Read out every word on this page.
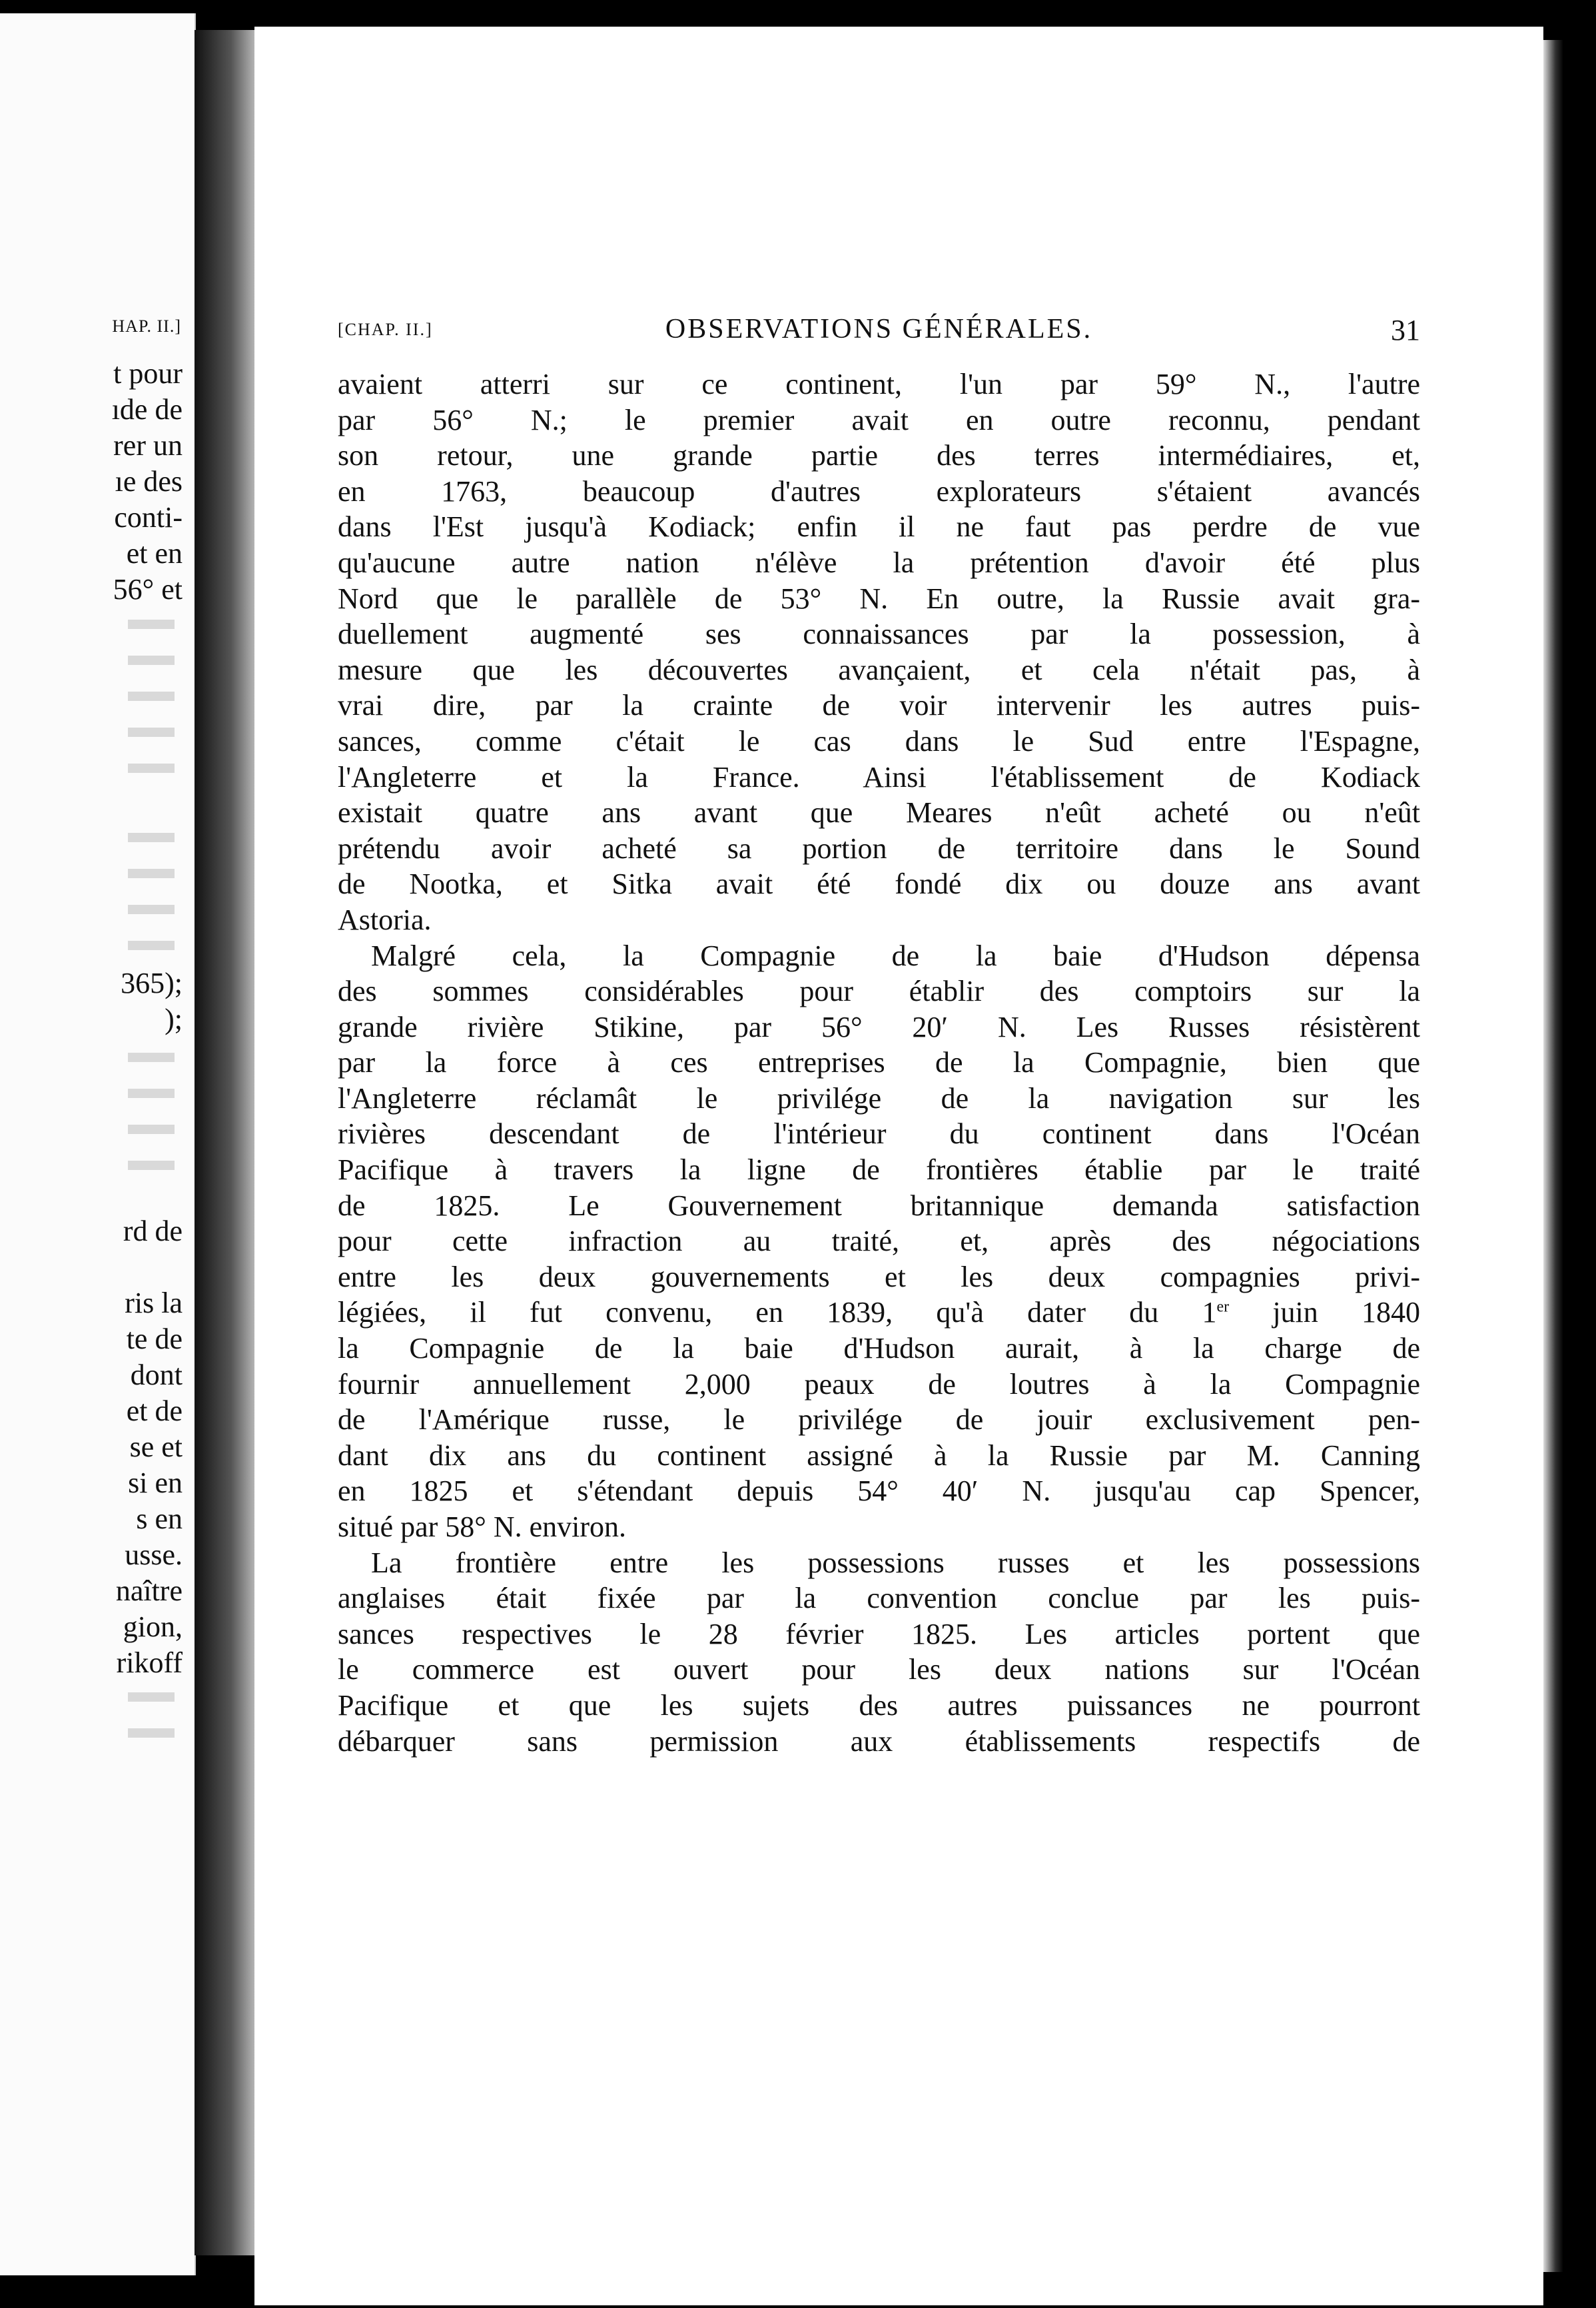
HAP. II.]
t pour
ıde de
rer un
ıe des
conti-
et en
56° et
365);
);
rd de
ris la
te de
dont
et de
se et
si en
s en
usse.
naître
gion,
rikoff
[CHAP. II.]	OBSERVATIONS GÉNÉRALES.	31
avaient atterri sur ce continent, l'un par 59° N., l'autre
par 56° N.; le premier avait en outre reconnu, pendant
son retour, une grande partie des terres intermédiaires, et,
en 1763, beaucoup d'autres explorateurs s'étaient avancés
dans l'Est jusqu'à Kodiack; enfin il ne faut pas perdre de vue
qu'aucune autre nation n'élève la prétention d'avoir été plus
Nord que le parallèle de 53° N. En outre, la Russie avait gra-
duellement augmenté ses connaissances par la possession, à
mesure que les découvertes avançaient, et cela n'était pas, à
vrai dire, par la crainte de voir intervenir les autres puis-
sances, comme c'était le cas dans le Sud entre l'Espagne,
l'Angleterre et la France. Ainsi l'établissement de Kodiack
existait quatre ans avant que Meares n'eût acheté ou n'eût
prétendu avoir acheté sa portion de territoire dans le Sound
de Nootka, et Sitka avait été fondé dix ou douze ans avant
Astoria.
Malgré cela, la Compagnie de la baie d'Hudson dépensa
des sommes considérables pour établir des comptoirs sur la
grande rivière Stikine, par 56° 20′ N. Les Russes résistèrent
par la force à ces entreprises de la Compagnie, bien que
l'Angleterre réclamât le privilége de la navigation sur les
rivières descendant de l'intérieur du continent dans l'Océan
Pacifique à travers la ligne de frontières établie par le traité
de 1825. Le Gouvernement britannique demanda satisfaction
pour cette infraction au traité, et, après des négociations
entre les deux gouvernements et les deux compagnies privi-
légiées, il fut convenu, en 1839, qu'à dater du 1er juin 1840
la Compagnie de la baie d'Hudson aurait, à la charge de
fournir annuellement 2,000 peaux de loutres à la Compagnie
de l'Amérique russe, le privilége de jouir exclusivement pen-
dant dix ans du continent assigné à la Russie par M. Canning
en 1825 et s'étendant depuis 54° 40′ N. jusqu'au cap Spencer,
situé par 58° N. environ.
La frontière entre les possessions russes et les possessions
anglaises était fixée par la convention conclue par les puis-
sances respectives le 28 février 1825. Les articles portent que
le commerce est ouvert pour les deux nations sur l'Océan
Pacifique et que les sujets des autres puissances ne pourront
débarquer sans permission aux établissements respectifs de
